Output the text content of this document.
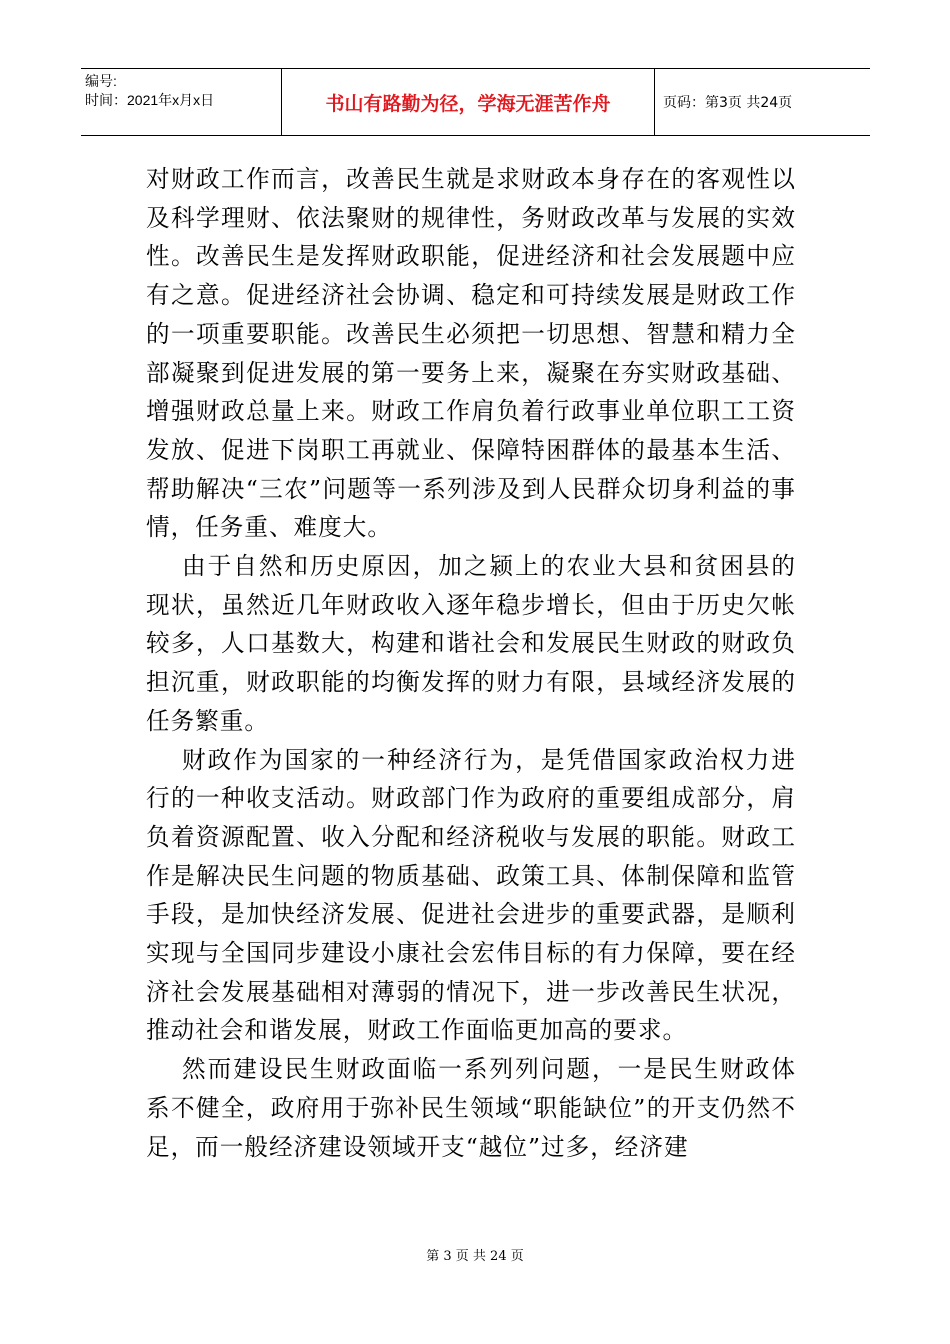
编号:
时间：2021年x月x日	书山有路勤为径，学海无涯苦作舟	页码：第3页 共24页

对财政工作而言，改善民生就是求财政本身存在的客观性以及科学理财、依法聚财的规律性，务财政改革与发展的实效性。改善民生是发挥财政职能，促进经济和社会发展题中应有之意。促进经济社会协调、稳定和可持续发展是财政工作的一项重要职能。改善民生必须把一切思想、智慧和精力全部凝聚到促进发展的第一要务上来，凝聚在夯实财政基础、增强财政总量上来。财政工作肩负着行政事业单位职工工资发放、促进下岗职工再就业、保障特困群体的最基本生活、帮助解决“三农”问题等一系列涉及到人民群众切身利益的事情，任务重、难度大。

由于自然和历史原因，加之颍上的农业大县和贫困县的现状，虽然近几年财政收入逐年稳步增长，但由于历史欠帐较多，人口基数大，构建和谐社会和发展民生财政的财政负担沉重，财政职能的均衡发挥的财力有限，县域经济发展的任务繁重。

财政作为国家的一种经济行为，是凭借国家政治权力进行的一种收支活动。财政部门作为政府的重要组成部分，肩负着资源配置、收入分配和经济税收与发展的职能。财政工作是解决民生问题的物质基础、政策工具、体制保障和监管手段，是加快经济发展、促进社会进步的重要武器，是顺利实现与全国同步建设小康社会宏伟目标的有力保障，要在经济社会发展基础相对薄弱的情况下，进一步改善民生状况，推动社会和谐发展，财政工作面临更加高的要求。

然而建设民生财政面临一系列列问题，一是民生财政体系不健全，政府用于弥补民生领域“职能缺位”的开支仍然不足，而一般经济建设领域开支“越位”过多，经济建

第 3 页 共 24 页
